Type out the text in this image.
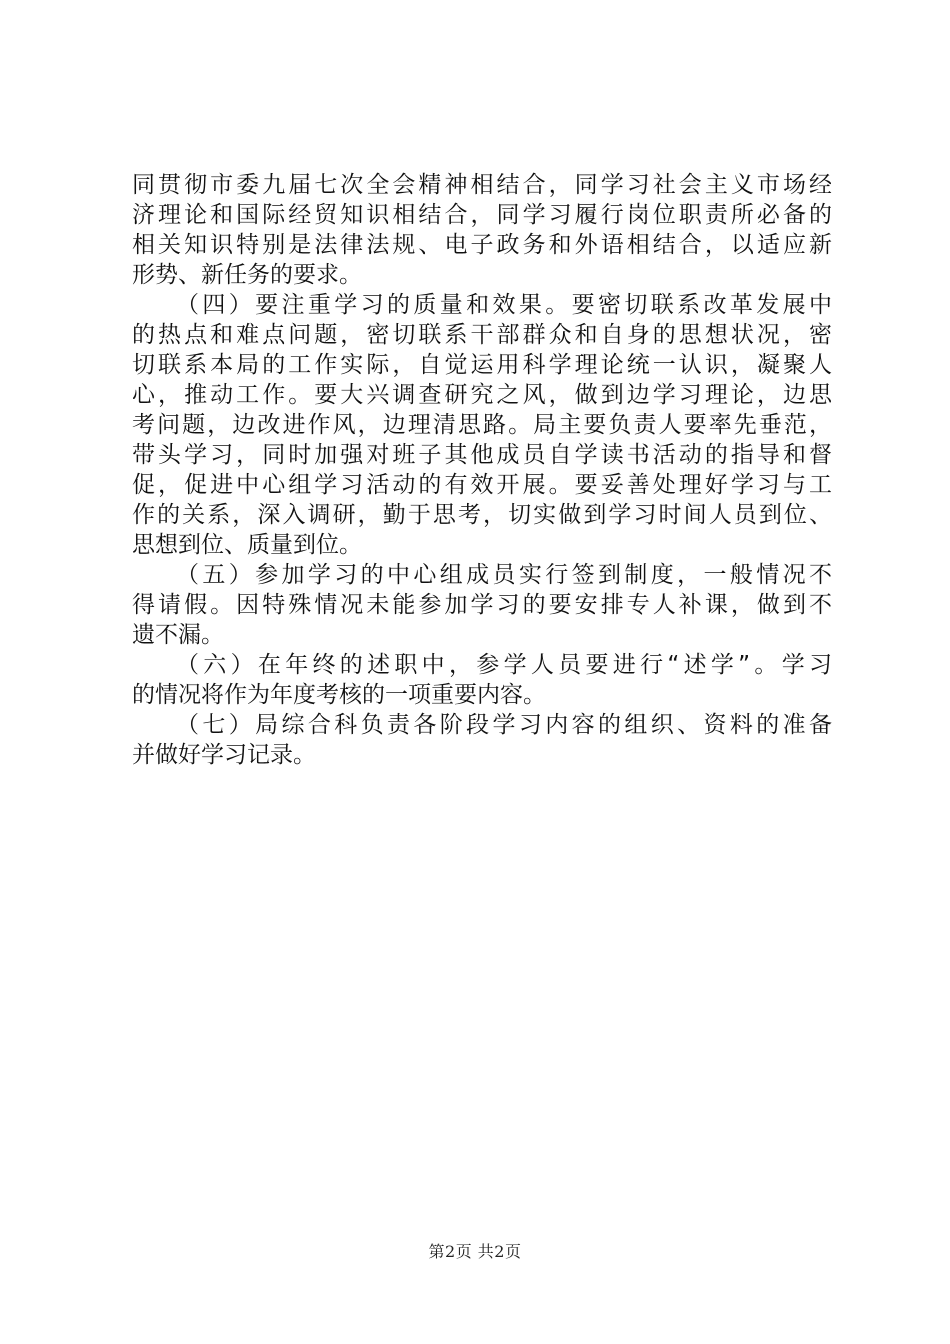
同贯彻市委九届七次全会精神相结合，同学习社会主义市场经
济理论和国际经贸知识相结合，同学习履行岗位职责所必备的
相关知识特别是法律法规、电子政务和外语相结合，以适应新
形势、新任务的要求。
（四）要注重学习的质量和效果。要密切联系改革发展中
的热点和难点问题，密切联系干部群众和自身的思想状况，密
切联系本局的工作实际，自觉运用科学理论统一认识，凝聚人
心，推动工作。要大兴调查研究之风，做到边学习理论，边思
考问题，边改进作风，边理清思路。局主要负责人要率先垂范，
带头学习，同时加强对班子其他成员自学读书活动的指导和督
促，促进中心组学习活动的有效开展。要妥善处理好学习与工
作的关系，深入调研，勤于思考，切实做到学习时间人员到位、
思想到位、质量到位。
（五）参加学习的中心组成员实行签到制度，一般情况不
得请假。因特殊情况未能参加学习的要安排专人补课，做到不
遗不漏。
（六）在年终的述职中，参学人员要进行“述学”。学习
的情况将作为年度考核的一项重要内容。
（七）局综合科负责各阶段学习内容的组织、资料的准备
并做好学习记录。
第2页 共2页
